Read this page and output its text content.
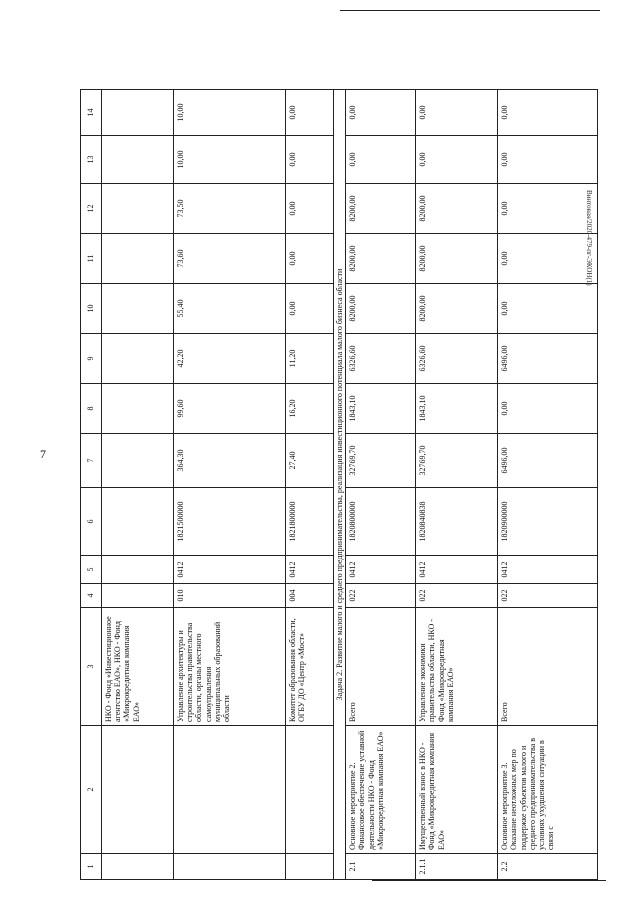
7
1	2	3	4	5	6	7	8	9	10	11	12	13	14
		НКО - Фонд «Инвестиционное агентство ЕАО», НКО - Фонд «Микрокредитная компания ЕАО»											
		Управление архитектуры и строительства правительства области, органы местного самоуправления муниципальных образований области	010	0412	1821500000	364,30	99,60	42,20	55,40	73,60	73,50	10,00	10,00
		Комитет образования области, ОГБУ ДО «Центр «Мост»	004	0412	1821800000	27,40	16,20	11,20	0,00	0,00	0,00	0,00	0,00
Задача 2. Развитие малого и среднего предпринимательства, реализация инвестиционного потенциала малого бизнеса области													
2.1	Основное мероприятие 2. Финансовое обеспечение уставной деятельности НКО - Фонд «Микрокредитная компания ЕАО»	Всего	022	0412	1820800000	32769,70	1843,10	6326,60	8200,00	8200,00	8200,00	0,00	0,00
2.1.1	Имущественный взнос в НКО - Фонд «Микрокредитная компания ЕАО»	Управление экономики правительства области, НКО - Фонд «Микрокредитная компания ЕАО»	022	0412	1820840838	32769,70	1843,10	6326,60	8200,00	8200,00	8200,00	0,00	0,00
2.2	Основное мероприятие 3. Оказание неотложных мер по поддержке субъектов малого и среднего предпринимательства в условиях ухудшения ситуации в связи с	Всего	022	0412	1820900000	6496,00	0,00	6496,00	0,00	0,00	0,00	0,00	0,00
Bинтовая/2020-479-пг-ЭКОН(1)
